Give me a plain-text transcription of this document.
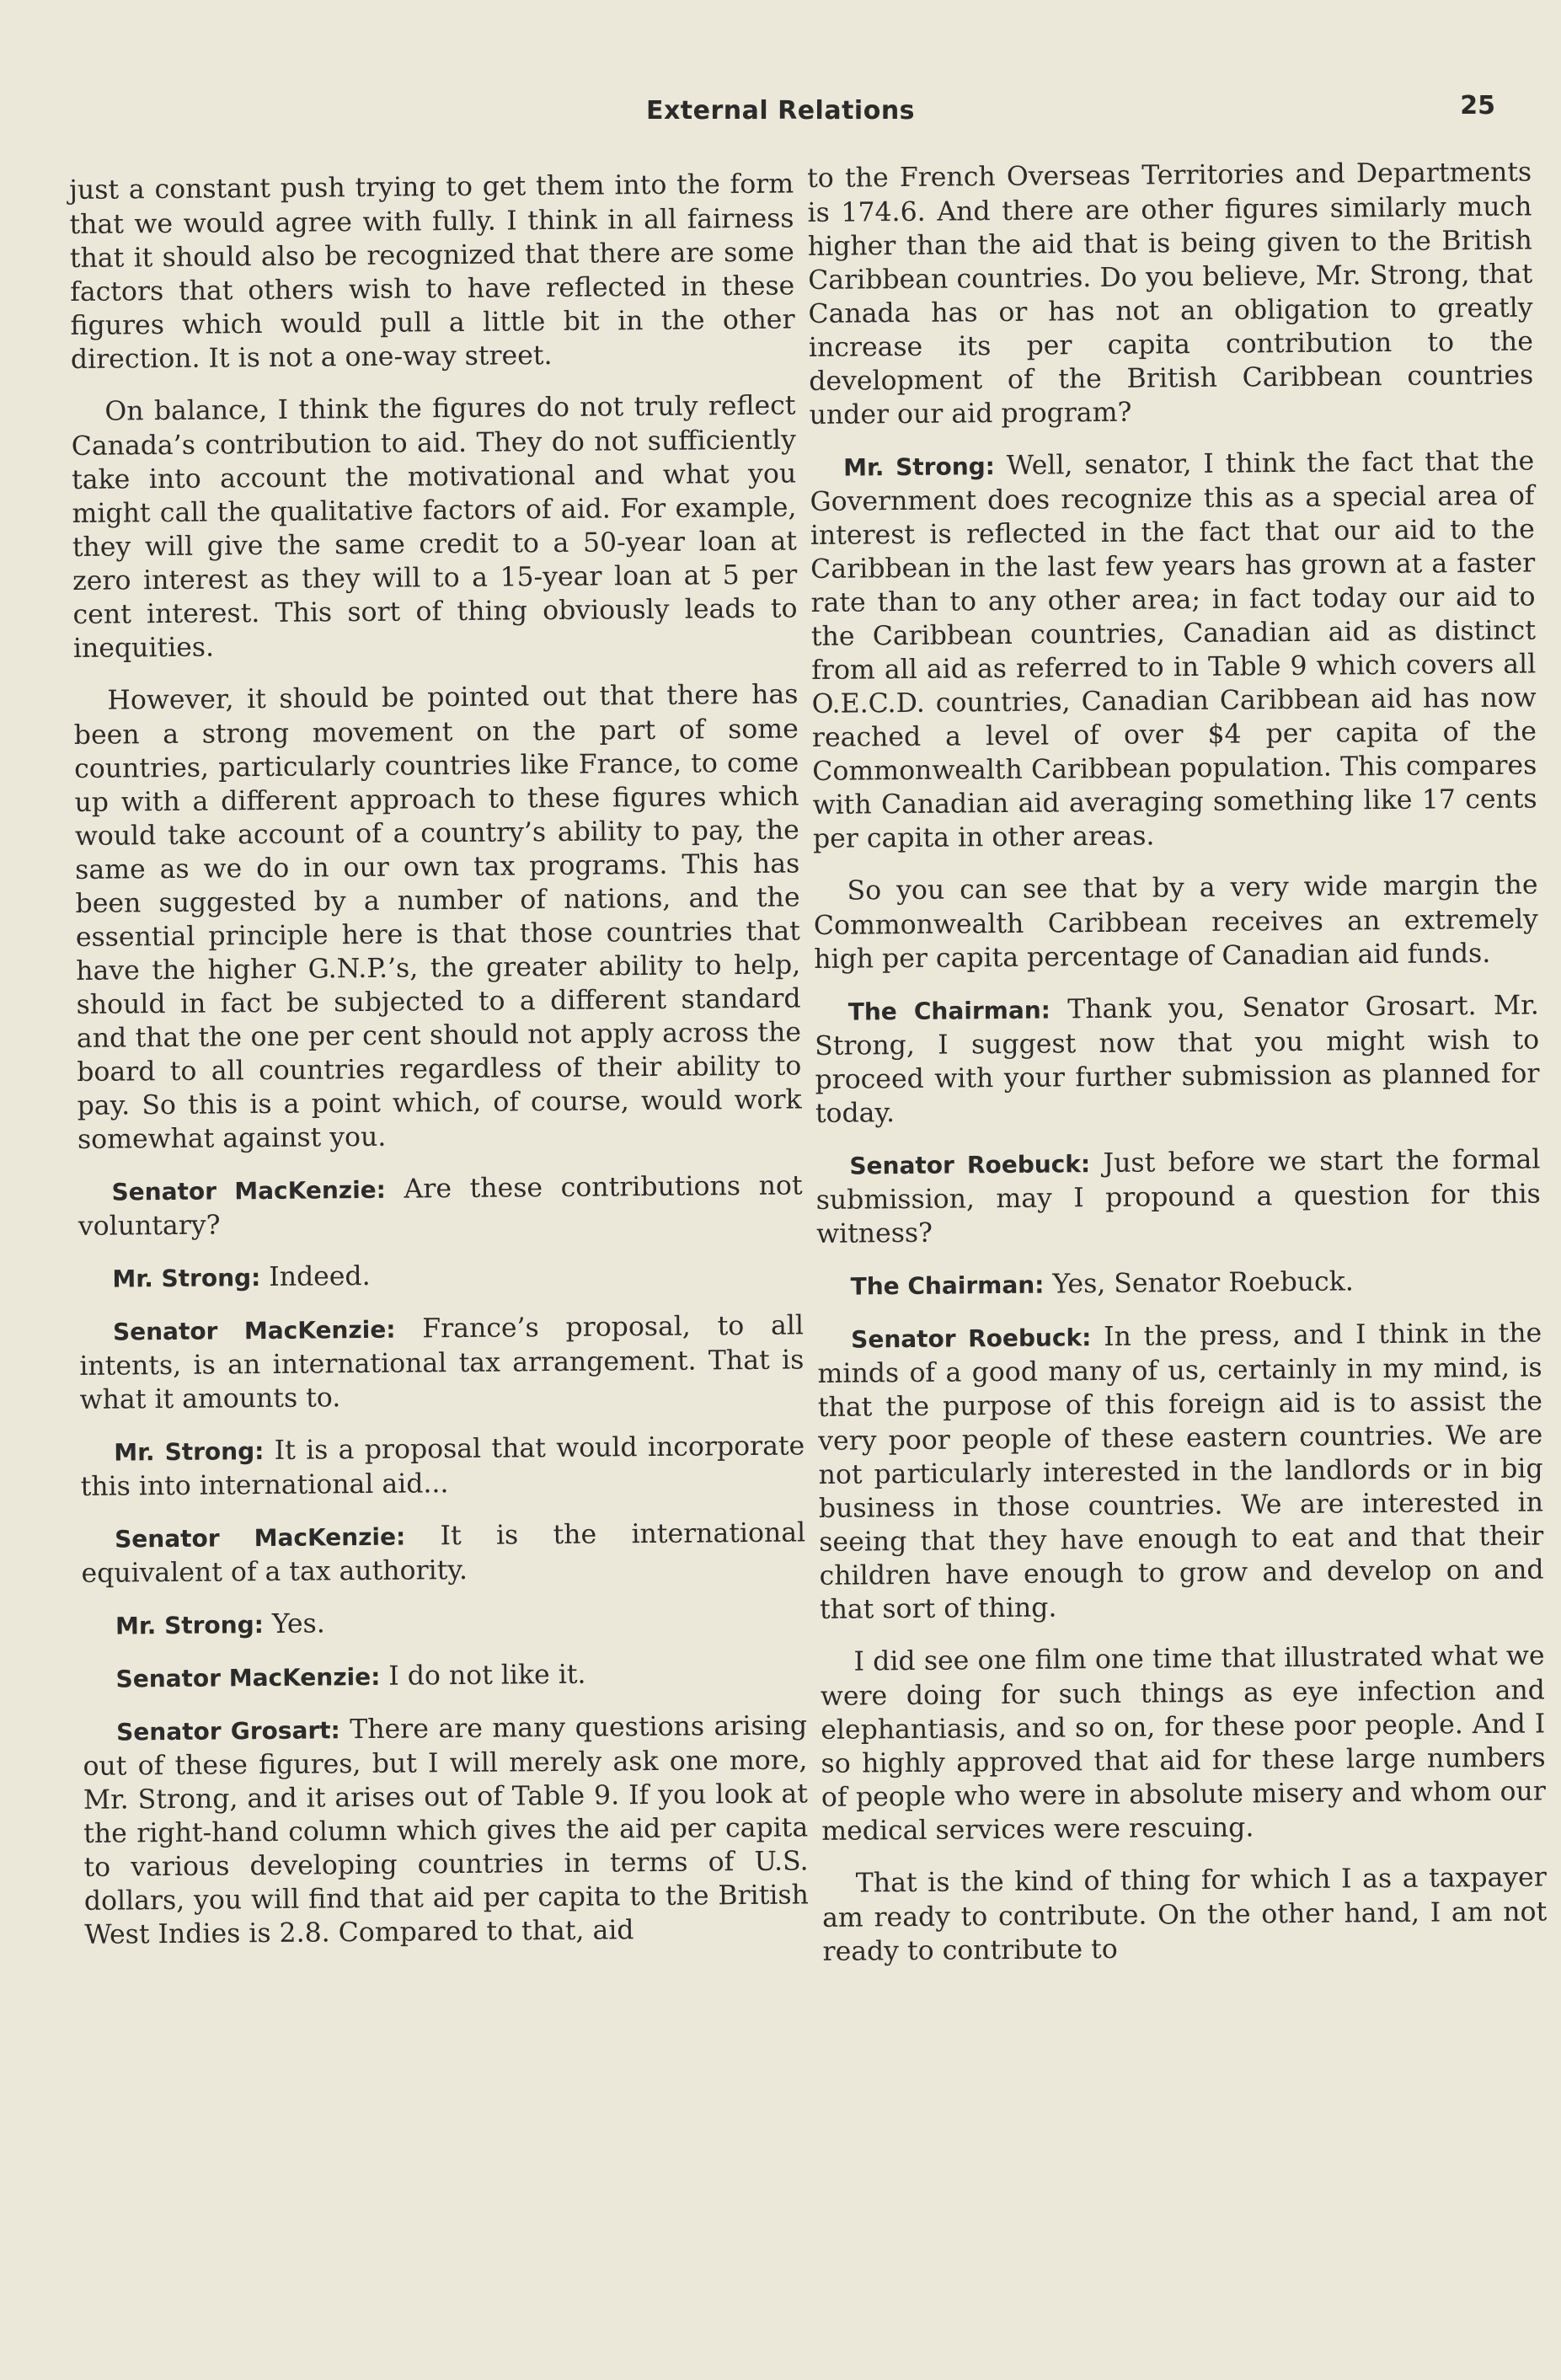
External Relations	25

just a constant push trying to get them into the form that we would agree with fully. I think in all fairness that it should also be recognized that there are some factors that others wish to have reflected in these figures which would pull a little bit in the other direction. It is not a one-way street.

On balance, I think the figures do not truly reflect Canada’s contribution to aid. They do not sufficiently take into account the motivational and what you might call the qualitative factors of aid. For example, they will give the same credit to a 50-year loan at zero interest as they will to a 15-year loan at 5 per cent interest. This sort of thing obviously leads to inequities.

However, it should be pointed out that there has been a strong movement on the part of some countries, particularly countries like France, to come up with a different approach to these figures which would take account of a country’s ability to pay, the same as we do in our own tax programs. This has been suggested by a number of nations, and the essential principle here is that those countries that have the higher G.N.P.’s, the greater ability to help, should in fact be subjected to a different standard and that the one per cent should not apply across the board to all countries regardless of their ability to pay. So this is a point which, of course, would work somewhat against you.

Senator MacKenzie: Are these contributions not voluntary?

Mr. Strong: Indeed.

Senator MacKenzie: France’s proposal, to all intents, is an international tax arrangement. That is what it amounts to.

Mr. Strong: It is a proposal that would incorporate this into international aid...

Senator MacKenzie: It is the international equivalent of a tax authority.

Mr. Strong: Yes.

Senator MacKenzie: I do not like it.

Senator Grosart: There are many questions arising out of these figures, but I will merely ask one more, Mr. Strong, and it arises out of Table 9. If you look at the right-hand column which gives the aid per capita to various developing countries in terms of U.S. dollars, you will find that aid per capita to the British West Indies is 2.8. Compared to that, aid

to the French Overseas Territories and Departments is 174.6. And there are other figures similarly much higher than the aid that is being given to the British Caribbean countries. Do you believe, Mr. Strong, that Canada has or has not an obligation to greatly increase its per capita contribution to the development of the British Caribbean countries under our aid program?

Mr. Strong: Well, senator, I think the fact that the Government does recognize this as a special area of interest is reflected in the fact that our aid to the Caribbean in the last few years has grown at a faster rate than to any other area; in fact today our aid to the Caribbean countries, Canadian aid as distinct from all aid as referred to in Table 9 which covers all O.E.C.D. countries, Canadian Caribbean aid has now reached a level of over $4 per capita of the Commonwealth Caribbean population. This compares with Canadian aid averaging something like 17 cents per capita in other areas.

So you can see that by a very wide margin the Commonwealth Caribbean receives an extremely high per capita percentage of Canadian aid funds.

The Chairman: Thank you, Senator Grosart. Mr. Strong, I suggest now that you might wish to proceed with your further submission as planned for today.

Senator Roebuck: Just before we start the formal submission, may I propound a question for this witness?

The Chairman: Yes, Senator Roebuck.

Senator Roebuck: In the press, and I think in the minds of a good many of us, certainly in my mind, is that the purpose of this foreign aid is to assist the very poor people of these eastern countries. We are not particularly interested in the landlords or in big business in those countries. We are interested in seeing that they have enough to eat and that their children have enough to grow and develop on and that sort of thing.

I did see one film one time that illustrated what we were doing for such things as eye infection and elephantiasis, and so on, for these poor people. And I so highly approved that aid for these large numbers of people who were in absolute misery and whom our medical services were rescuing.

That is the kind of thing for which I as a taxpayer am ready to contribute. On the other hand, I am not ready to contribute to
